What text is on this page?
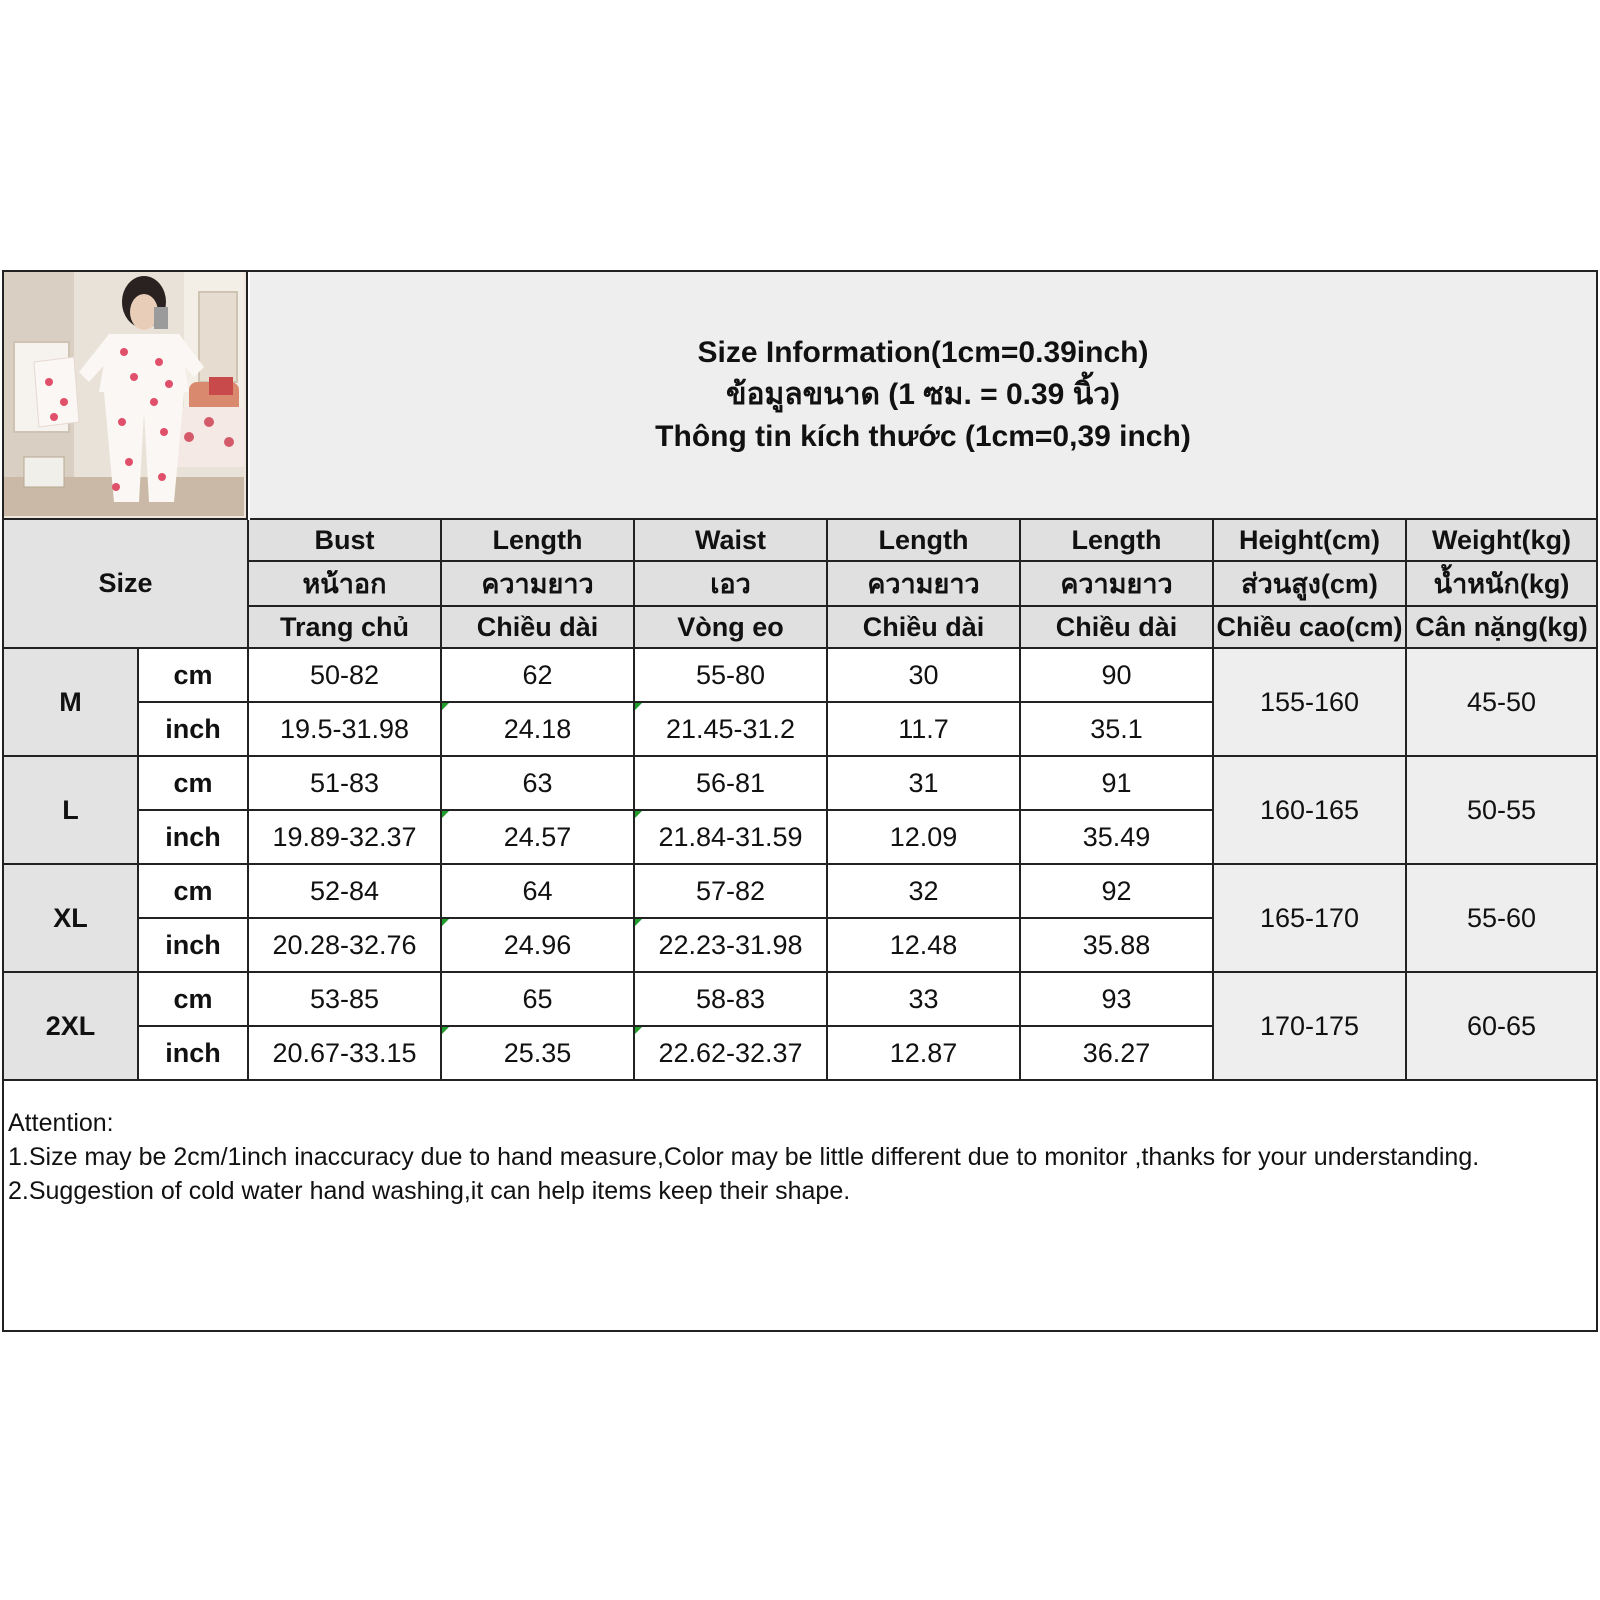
Size Information(1cm=0.39inch)
ข้อมูลขนาด (1 ซม. = 0.39 นิ้ว)
Thông tin kích thước (1cm=0,39 inch)
Size		Bust	Length	Waist	Length	Length	Height(cm)	Weight(kg)
		หน้าอก	ความยาว	เอว	ความยาว	ความยาว	ส่วนสูง(cm)	น้ำหนัก(kg)
		Trang chủ	Chiều dài	Vòng eo	Chiều dài	Chiều dài	Chiều cao(cm)	Cân nặng(kg)
M	cm	50-82	62	55-80	30	90	155-160	45-50
	inch	19.5-31.98	24.18	21.45-31.2	11.7	35.1		
L	cm	51-83	63	56-81	31	91	160-165	50-55
	inch	19.89-32.37	24.57	21.84-31.59	12.09	35.49		
XL	cm	52-84	64	57-82	32	92	165-170	55-60
	inch	20.28-32.76	24.96	22.23-31.98	12.48	35.88		
2XL	cm	53-85	65	58-83	33	93	170-175	60-65
	inch	20.67-33.15	25.35	22.62-32.37	12.87	36.27		
Attention:
1.Size may be 2cm/1inch inaccuracy due to hand measure,Color may be little different due to monitor ,thanks for your understanding.
2.Suggestion of cold water hand washing,it can help items keep their shape.
